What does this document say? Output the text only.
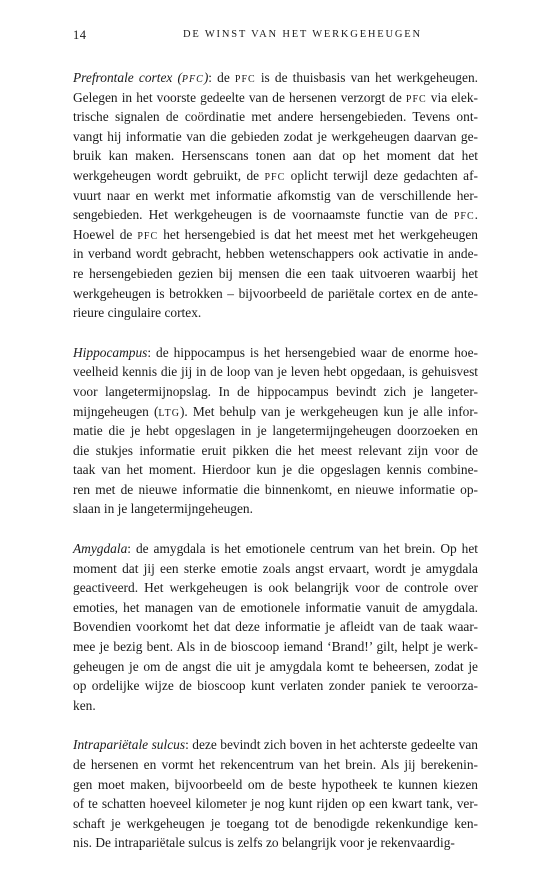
14	DE WINST VAN HET WERKGEHEUGEN
Prefrontale cortex (PFC): de PFC is de thuisbasis van het werkgeheugen.
Gelegen in het voorste gedeelte van de hersenen verzorgt de PFC via elek-
trische signalen de coördinatie met andere hersengebieden. Tevens ont-
vangt hij informatie van die gebieden zodat je werkgeheugen daarvan ge-
bruik kan maken. Hersenscans tonen aan dat op het moment dat het
werkgeheugen wordt gebruikt, de PFC oplicht terwijl deze gedachten af-
vuurt naar en werkt met informatie afkomstig van de verschillende her-
sengebieden. Het werkgeheugen is de voornaamste functie van de PFC.
Hoewel de PFC het hersengebied is dat het meest met het werkgeheugen
in verband wordt gebracht, hebben wetenschappers ook activatie in ande-
re hersengebieden gezien bij mensen die een taak uitvoeren waarbij het
werkgeheugen is betrokken – bijvoorbeeld de pariëtale cortex en de ante-
rieure cingulaire cortex.
Hippocampus: de hippocampus is het hersengebied waar de enorme hoe-
veelheid kennis die jij in de loop van je leven hebt opgedaan, is gehuisvest
voor langetermijnopslag. In de hippocampus bevindt zich je langeter-
mijngeheugen (LTG). Met behulp van je werkgeheugen kun je alle infor-
matie die je hebt opgeslagen in je langetermijngeheugen doorzoeken en
die stukjes informatie eruit pikken die het meest relevant zijn voor de
taak van het moment. Hierdoor kun je die opgeslagen kennis combine-
ren met de nieuwe informatie die binnenkomt, en nieuwe informatie op-
slaan in je langetermijngeheugen.
Amygdala: de amygdala is het emotionele centrum van het brein. Op het
moment dat jij een sterke emotie zoals angst ervaart, wordt je amygdala
geactiveerd. Het werkgeheugen is ook belangrijk voor de controle over
emoties, het managen van de emotionele informatie vanuit de amygdala.
Bovendien voorkomt het dat deze informatie je afleidt van de taak waar-
mee je bezig bent. Als in de bioscoop iemand ‘Brand!’ gilt, helpt je werk-
geheugen je om de angst die uit je amygdala komt te beheersen, zodat je
op ordelijke wijze de bioscoop kunt verlaten zonder paniek te veroorza-
ken.
Intrapariëtale sulcus: deze bevindt zich boven in het achterste gedeelte van
de hersenen en vormt het rekencentrum van het brein. Als jij berekenin-
gen moet maken, bijvoorbeeld om de beste hypotheek te kunnen kiezen
of te schatten hoeveel kilometer je nog kunt rijden op een kwart tank, ver-
schaft je werkgeheugen je toegang tot de benodigde rekenkundige ken-
nis. De intrapariëtale sulcus is zelfs zo belangrijk voor je rekenvaardig-
